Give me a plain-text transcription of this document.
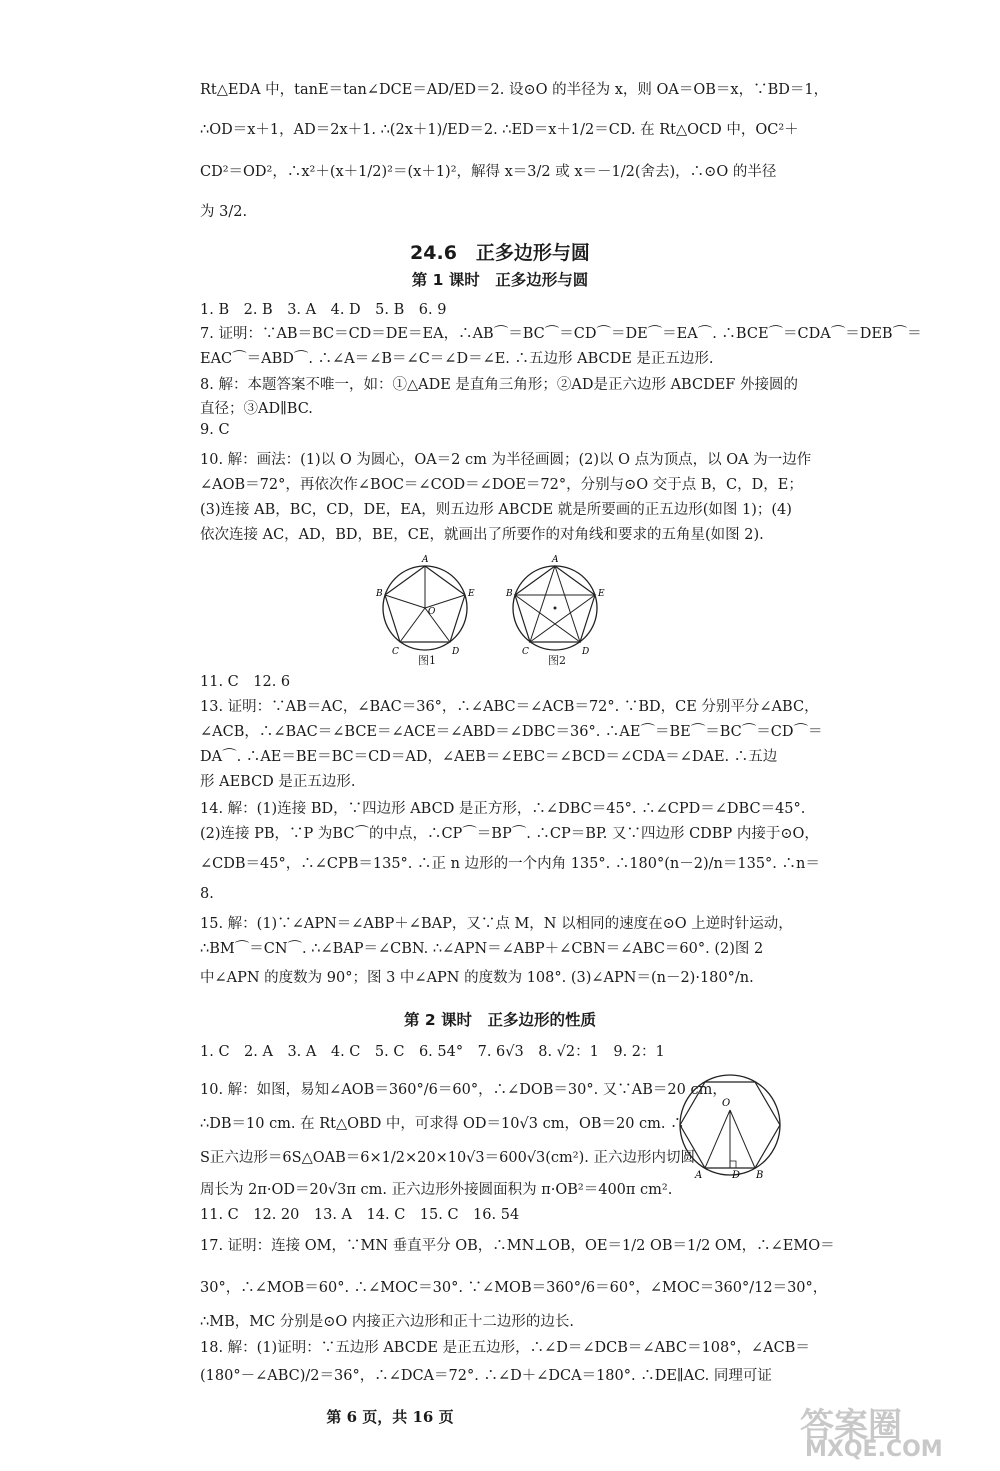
Rt△EDA 中，tanE＝tan∠DCE＝AD/ED＝2. 设⊙O 的半径为 x，则 OA＝OB＝x，∵BD＝1，
∴OD＝x＋1，AD＝2x＋1. ∴(2x＋1)/ED＝2. ∴ED＝x＋1/2＝CD. 在 Rt△OCD 中，OC²＋
CD²＝OD²，∴x²＋(x＋1/2)²＝(x＋1)²，解得 x＝3/2 或 x＝－1/2(舍去)，∴⊙O 的半径
为 3/2.
1. B　2. B　3. A　4. D　5. B　6. 9
7. 证明：∵AB＝BC＝CD＝DE＝EA，∴AB⌒＝BC⌒＝CD⌒＝DE⌒＝EA⌒. ∴BCE⌒＝CDA⌒＝DEB⌒＝
EAC⌒＝ABD⌒. ∴∠A＝∠B＝∠C＝∠D＝∠E. ∴五边形 ABCDE 是正五边形.
8. 解：本题答案不唯一，如：①△ADE 是直角三角形；②AD是正六边形 ABCDEF 外接圆的
直径；③AD∥BC.
9. C
10. 解：画法：(1)以 O 为圆心，OA＝2 cm 为半径画圆；(2)以 O 点为顶点，以 OA 为一边作
∠AOB＝72°，再依次作∠BOC＝∠COD＝∠DOE＝72°，分别与⊙O 交于点 B，C，D，E；
(3)连接 AB，BC，CD，DE，EA，则五边形 ABCDE 就是所要画的正五边形(如图 1)；(4)
依次连接 AC，AD，BD，BE，CE，就画出了所要作的对角线和要求的五角星(如图 2).
11. C　12. 6
13. 证明：∵AB＝AC，∠BAC＝36°，∴∠ABC＝∠ACB＝72°. ∵BD，CE 分别平分∠ABC，
∠ACB，∴∠BAC＝∠BCE＝∠ACE＝∠ABD＝∠DBC＝36°. ∴AE⌒＝BE⌒＝BC⌒＝CD⌒＝
DA⌒. ∴AE＝BE＝BC＝CD＝AD，∠AEB＝∠EBC＝∠BCD＝∠CDA＝∠DAE. ∴五边
形 AEBCD 是正五边形.
14. 解：(1)连接 BD，∵四边形 ABCD 是正方形，∴∠DBC＝45°. ∴∠CPD＝∠DBC＝45°.
(2)连接 PB，∵P 为BC⌒的中点，∴CP⌒＝BP⌒. ∴CP＝BP. 又∵四边形 CDBP 内接于⊙O，
∠CDB＝45°，∴∠CPB＝135°. ∴正 n 边形的一个内角 135°. ∴180°(n－2)/n＝135°. ∴n＝
8.
15. 解：(1)∵∠APN＝∠ABP＋∠BAP，又∵点 M，N 以相同的速度在⊙O 上逆时针运动，
∴BM⌒＝CN⌒. ∴∠BAP＝∠CBN. ∴∠APN＝∠ABP＋∠CBN＝∠ABC＝60°. (2)图 2
中∠APN 的度数为 90°；图 3 中∠APN 的度数为 108°. (3)∠APN＝(n－2)·180°/n.
1. C　2. A　3. A　4. C　5. C　6. 54°　7. 6√3　8. √2：1　9. 2：1
10. 解：如图，易知∠AOB＝360°/6＝60°，∴∠DOB＝30°. 又∵AB＝20 cm，
∴DB＝10 cm. 在 Rt△OBD 中，可求得 OD＝10√3 cm，OB＝20 cm. ∴
S正六边形＝6S△OAB＝6×1/2×20×10√3＝600√3(cm²). 正六边形内切圆
周长为 2π·OD＝20√3π cm. 正六边形外接圆面积为 π·OB²＝400π cm².
11. C　12. 20　13. A　14. C　15. C　16. 54
17. 证明：连接 OM，∵MN 垂直平分 OB，∴MN⊥OB，OE＝1/2 OB＝1/2 OM，∴∠EMO＝
30°，∴∠MOB＝60°. ∴∠MOC＝30°. ∵∠MOB＝360°/6＝60°，∠MOC＝360°/12＝30°，
∴MB，MC 分别是⊙O 内接正六边形和正十二边形的边长.
18. 解：(1)证明：∵五边形 ABCDE 是正五边形，∴∠D＝∠DCB＝∠ABC＝108°，∠ACB＝
(180°－∠ABC)/2＝36°，∴∠DCA＝72°. ∴∠D＋∠DCA＝180°. ∴DE∥AC. 同理可证
24.6　正多边形与圆
第 1 课时　正多边形与圆
第 2 课时　正多边形的性质
A
B
C	D
E
O
图1
A
B
C	D
E
图2
O
A	D B
第 6 页，共 16 页	答案圈
MXQE.COM
